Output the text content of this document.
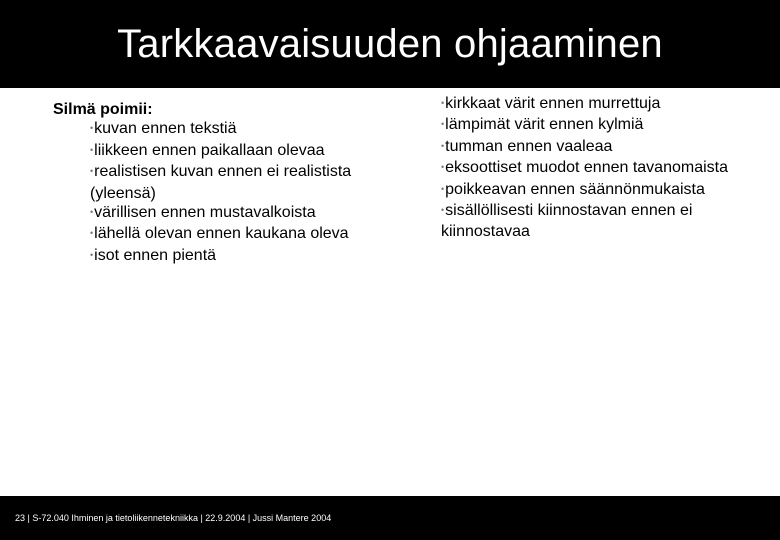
Tarkkaavaisuuden ohjaaminen
Silmä poimii:
•kuvan ennen tekstiä
•liikkeen ennen paikallaan olevaa
•realistisen kuvan ennen ei realistista (yleensä)
•värillisen ennen mustavalkoista
•lähellä olevan ennen kaukana oleva
•isot ennen pientä
•kirkkaat värit ennen murrettuja
•lämpimät värit ennen kylmiä
•tumman ennen vaaleaa
•eksoottiset muodot ennen tavanomaista
•poikkeavan ennen säännönmukaista
•sisällöllisesti kiinnostavan ennen ei kiinnostavaa
23 | S-72.040 Ihminen ja tietoliikennetekniikka | 22.9.2004 | Jussi Mantere 2004
